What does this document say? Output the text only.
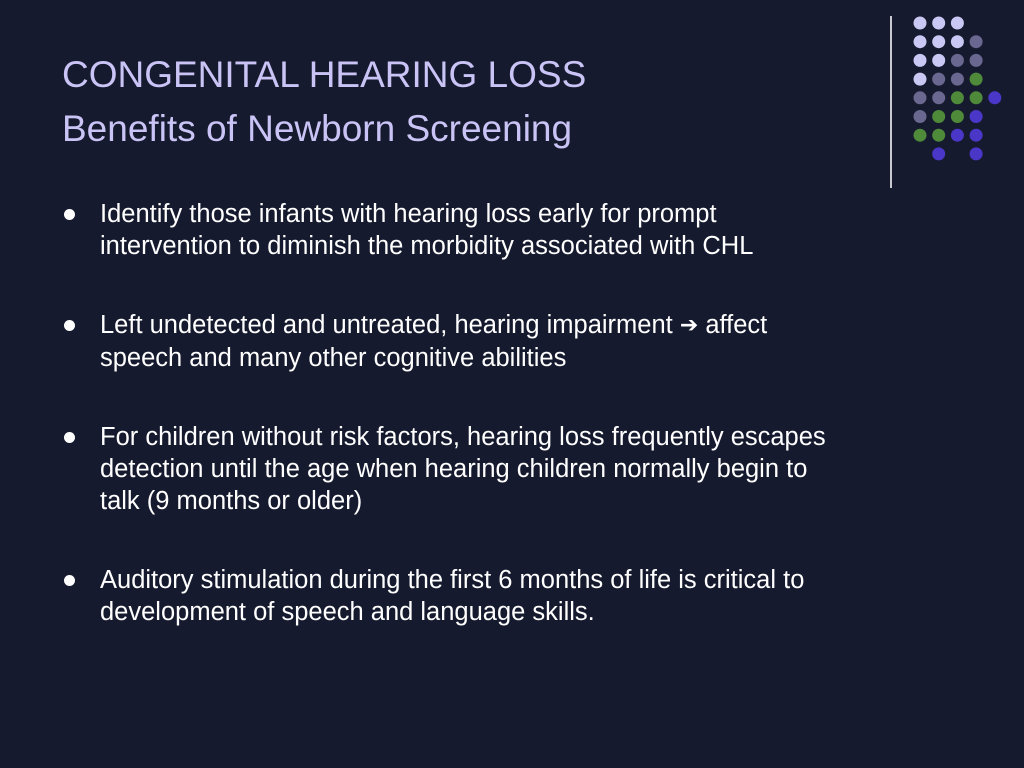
CONGENITAL HEARING LOSS
Benefits of Newborn Screening
Identify those infants with hearing loss early for prompt
intervention to diminish the morbidity associated with CHL
Left undetected and untreated, hearing impairment ➔ affect
speech and many other cognitive abilities
For children without risk factors, hearing loss frequently escapes
detection until the age when hearing children normally begin to
talk (9 months or older)
Auditory stimulation during the first 6 months of life is critical to
development of speech and language skills.
